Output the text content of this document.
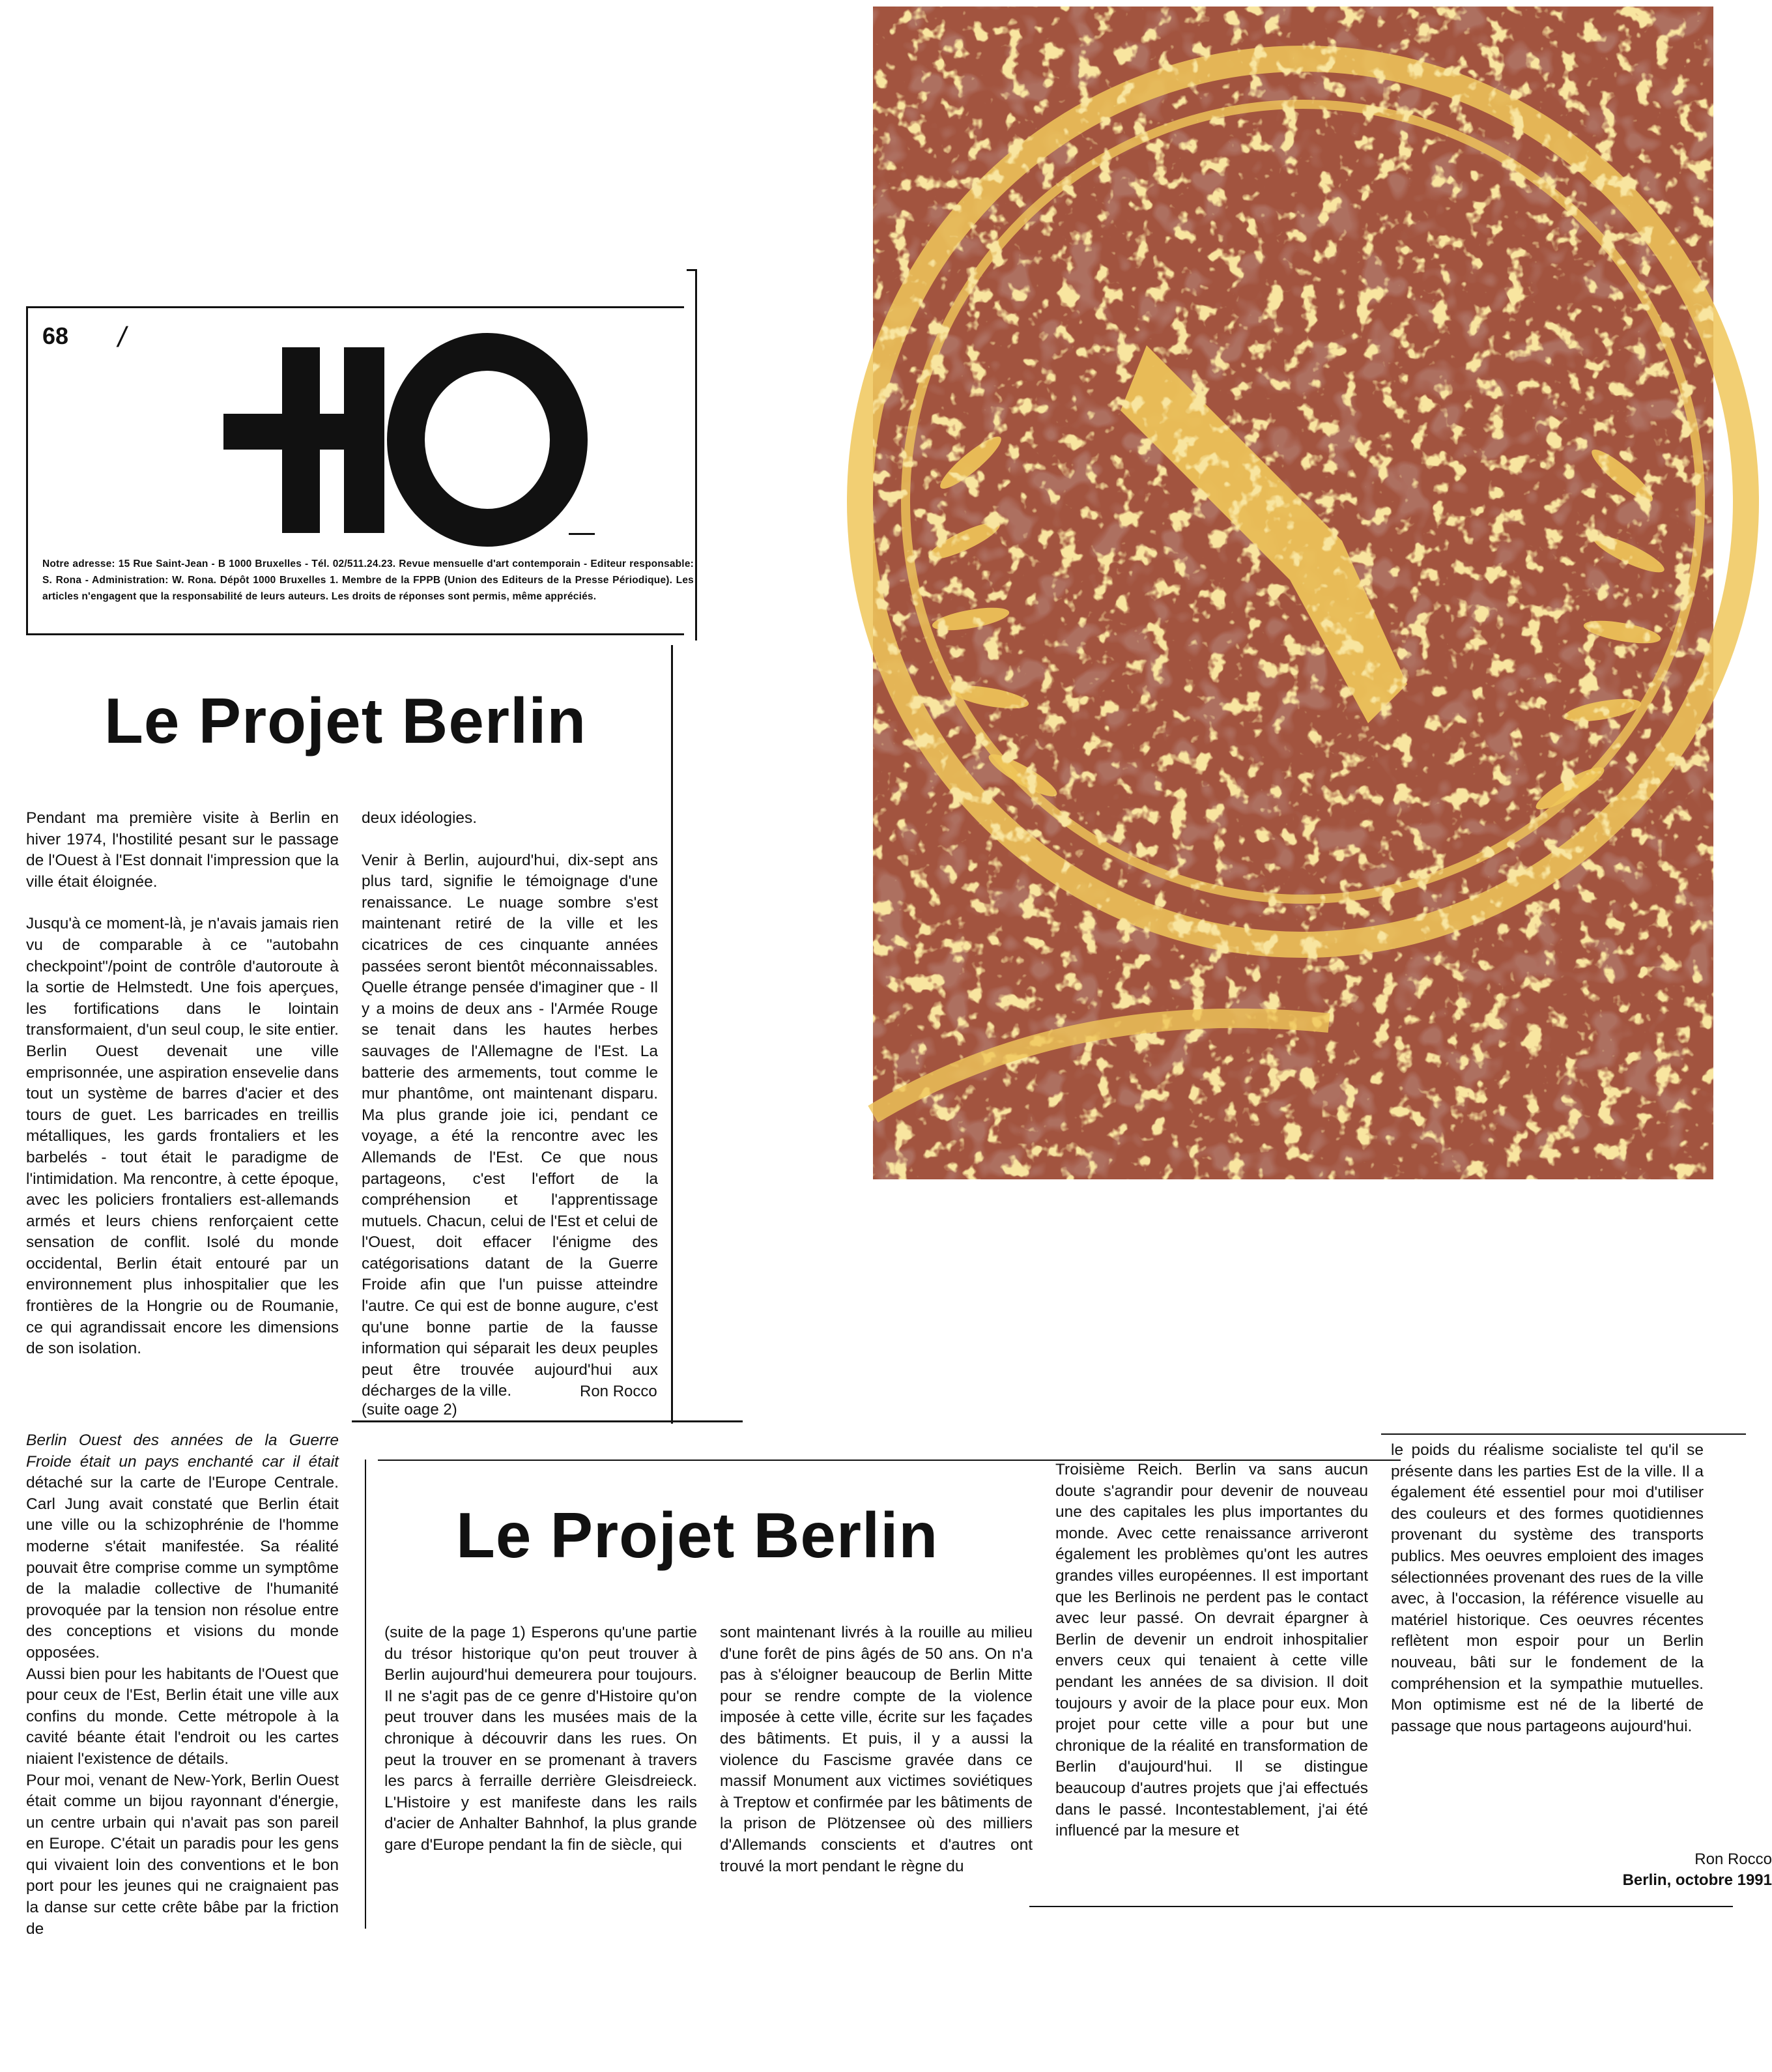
68 /
Notre adresse: 15 Rue Saint-Jean - B 1000 Bruxelles - Tél. 02/511.24.23. Revue mensuelle d'art contemporain - Editeur responsable: S. Rona - Administration: W. Rona. Dépôt 1000 Bruxelles 1. Membre de la FPPB (Union des Editeurs de la Presse Périodique). Les articles n'engagent que la responsabilité de leurs auteurs. Les droits de réponses sont permis, même appréciés.
Le Projet Berlin

Pendant ma première visite à Berlin en hiver 1974, l'hostilité pesant sur le passage de l'Ouest à l'Est donnait l'impression que la ville était éloignée.

Jusqu'à ce moment-là, je n'avais jamais rien vu de comparable à ce "autobahn checkpoint"/point de contrôle d'autoroute à la sortie de Helmstedt. Une fois aperçues, les fortifications dans le lointain transformaient, d'un seul coup, le site entier. Berlin Ouest devenait une ville emprisonnée, une aspiration ensevelie dans tout un système de barres d'acier et des tours de guet. Les barricades en treillis métalliques, les gards frontaliers et les barbelés - tout était le paradigme de l'intimidation. Ma rencontre, à cette époque, avec les policiers frontaliers est-allemands armés et leurs chiens renforçaient cette sensation de conflit. Isolé du monde occidental, Berlin était entouré par un environnement plus inhospitalier que les frontières de la Hongrie ou de Roumanie, ce qui agrandissait encore les dimensions de son isolation.

deux idéologies.

Venir à Berlin, aujourd'hui, dix-sept ans plus tard, signifie le témoignage d'une renaissance. Le nuage sombre s'est maintenant retiré de la ville et les cicatrices de ces cinquante années passées seront bientôt méconnaissables. Quelle étrange pensée d'imaginer que - Il y a moins de deux ans - l'Armée Rouge se tenait dans les hautes herbes sauvages de l'Allemagne de l'Est. La batterie des armements, tout comme le mur phantôme, ont maintenant disparu. Ma plus grande joie ici, pendant ce voyage, a été la rencontre avec les Allemands de l'Est. Ce que nous partageons, c'est l'effort de la compréhension et l'apprentissage mutuels. Chacun, celui de l'Est et celui de l'Ouest, doit effacer l'énigme des catégorisations datant de la Guerre Froide afin que l'un puisse atteindre l'autre. Ce qui est de bonne augure, c'est qu'une bonne partie de la fausse information qui séparait les deux peuples peut être trouvée aujourd'hui aux décharges de la ville.	Ron Rocco
(suite oage 2)
Berlin Ouest des années de la Guerre Froide était un pays enchanté car il était détaché sur la carte de l'Europe Centrale. Carl Jung avait constaté que Berlin était une ville ou la schizophrénie de l'homme moderne s'était manifestée. Sa réalité pouvait être comprise comme un symptôme de la maladie collective de l'humanité provoquée par la tension non résolue entre des conceptions et visions du monde opposées.
Aussi bien pour les habitants de l'Ouest que pour ceux de l'Est, Berlin était une ville aux confins du monde. Cette métropole à la cavité béante était l'endroit ou les cartes niaient l'existence de détails.
Pour moi, venant de New-York, Berlin Ouest était comme un bijou rayonnant d'énergie, un centre urbain qui n'avait pas son pareil en Europe. C'était un paradis pour les gens qui vivaient loin des conventions et le bon port pour les jeunes qui ne craignaient pas la danse sur cette crête bâbe par la friction de
Le Projet Berlin
(suite de la page 1) Esperons qu'une partie du trésor historique qu'on peut trouver à Berlin aujourd'hui demeurera pour toujours. Il ne s'agit pas de ce genre d'Histoire qu'on peut trouver dans les musées mais de la chronique à découvrir dans les rues. On peut la trouver en se promenant à travers les parcs à ferraille derrière Gleisdreieck. L'Histoire y est manifeste dans les rails d'acier de Anhalter Bahnhof, la plus grande gare d'Europe pendant la fin de siècle, qui
sont maintenant livrés à la rouille au milieu d'une forêt de pins âgés de 50 ans. On n'a pas à s'éloigner beaucoup de Berlin Mitte pour se rendre compte de la violence imposée à cette ville, écrite sur les façades des bâtiments. Et puis, il y a aussi la violence du Fascisme gravée dans ce massif Monument aux victimes soviétiques à Treptow et confirmée par les bâtiments de la prison de Plötzensee où des milliers d'Allemands conscients et d'autres ont trouvé la mort pendant le règne du
Troisième Reich. Berlin va sans aucun doute s'agrandir pour devenir de nouveau une des capitales les plus importantes du monde. Avec cette renaissance arriveront également les problèmes qu'ont les autres grandes villes européennes. Il est important que les Berlinois ne perdent pas le contact avec leur passé. On devrait épargner à Berlin de devenir un endroit inhospitalier envers ceux qui tenaient à cette ville pendant les années de sa division. Il doit toujours y avoir de la place pour eux. Mon projet pour cette ville a pour but une chronique de la réalité en transformation de Berlin d'aujourd'hui. Il se distingue beaucoup d'autres projets que j'ai effectués dans le passé. Incontestablement, j'ai été influencé par la mesure et
le poids du réalisme socialiste tel qu'il se présente dans les parties Est de la ville. Il a également été essentiel pour moi d'utiliser des couleurs et des formes quotidiennes provenant du système des transports publics. Mes oeuvres emploient des images sélectionnées provenant des rues de la ville avec, à l'occasion, la référence visuelle au matériel historique. Ces oeuvres récentes reflètent mon espoir pour un Berlin nouveau, bâti sur le fondement de la compréhension et la sympathie mutuelles. Mon optimisme est né de la liberté de passage que nous partageons aujourd'hui.
Ron Rocco
Berlin, octobre 1991
